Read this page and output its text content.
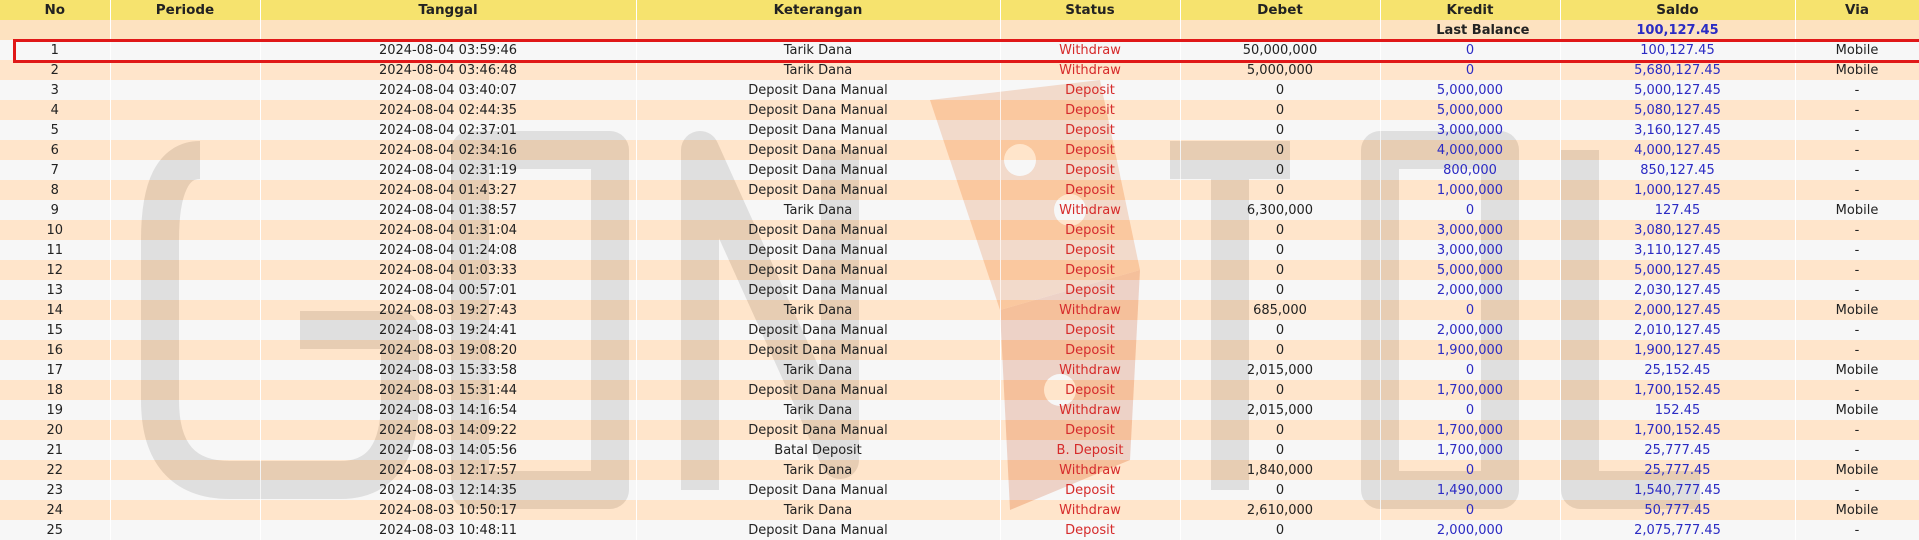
No	Periode	Tanggal	Keterangan	Status	Debet	Kredit	Saldo	Via
						Last Balance	100,127.45	
1		2024-08-04 03:59:46	Tarik Dana	Withdraw	50,000,000	0	100,127.45	Mobile
2		2024-08-04 03:46:48	Tarik Dana	Withdraw	5,000,000	0	5,680,127.45	Mobile
3		2024-08-04 03:40:07	Deposit Dana Manual	Deposit	0	5,000,000	5,000,127.45	-
4		2024-08-04 02:44:35	Deposit Dana Manual	Deposit	0	5,000,000	5,080,127.45	-
5		2024-08-04 02:37:01	Deposit Dana Manual	Deposit	0	3,000,000	3,160,127.45	-
6		2024-08-04 02:34:16	Deposit Dana Manual	Deposit	0	4,000,000	4,000,127.45	-
7		2024-08-04 02:31:19	Deposit Dana Manual	Deposit	0	800,000	850,127.45	-
8		2024-08-04 01:43:27	Deposit Dana Manual	Deposit	0	1,000,000	1,000,127.45	-
9		2024-08-04 01:38:57	Tarik Dana	Withdraw	6,300,000	0	127.45	Mobile
10		2024-08-04 01:31:04	Deposit Dana Manual	Deposit	0	3,000,000	3,080,127.45	-
11		2024-08-04 01:24:08	Deposit Dana Manual	Deposit	0	3,000,000	3,110,127.45	-
12		2024-08-04 01:03:33	Deposit Dana Manual	Deposit	0	5,000,000	5,000,127.45	-
13		2024-08-04 00:57:01	Deposit Dana Manual	Deposit	0	2,000,000	2,030,127.45	-
14		2024-08-03 19:27:43	Tarik Dana	Withdraw	685,000	0	2,000,127.45	Mobile
15		2024-08-03 19:24:41	Deposit Dana Manual	Deposit	0	2,000,000	2,010,127.45	-
16		2024-08-03 19:08:20	Deposit Dana Manual	Deposit	0	1,900,000	1,900,127.45	-
17		2024-08-03 15:33:58	Tarik Dana	Withdraw	2,015,000	0	25,152.45	Mobile
18		2024-08-03 15:31:44	Deposit Dana Manual	Deposit	0	1,700,000	1,700,152.45	-
19		2024-08-03 14:16:54	Tarik Dana	Withdraw	2,015,000	0	152.45	Mobile
20		2024-08-03 14:09:22	Deposit Dana Manual	Deposit	0	1,700,000	1,700,152.45	-
21		2024-08-03 14:05:56	Batal Deposit	B. Deposit	0	1,700,000	25,777.45	-
22		2024-08-03 12:17:57	Tarik Dana	Withdraw	1,840,000	0	25,777.45	Mobile
23		2024-08-03 12:14:35	Deposit Dana Manual	Deposit	0	1,490,000	1,540,777.45	-
24		2024-08-03 10:50:17	Tarik Dana	Withdraw	2,610,000	0	50,777.45	Mobile
25		2024-08-03 10:48:11	Deposit Dana Manual	Deposit	0	2,000,000	2,075,777.45	-
